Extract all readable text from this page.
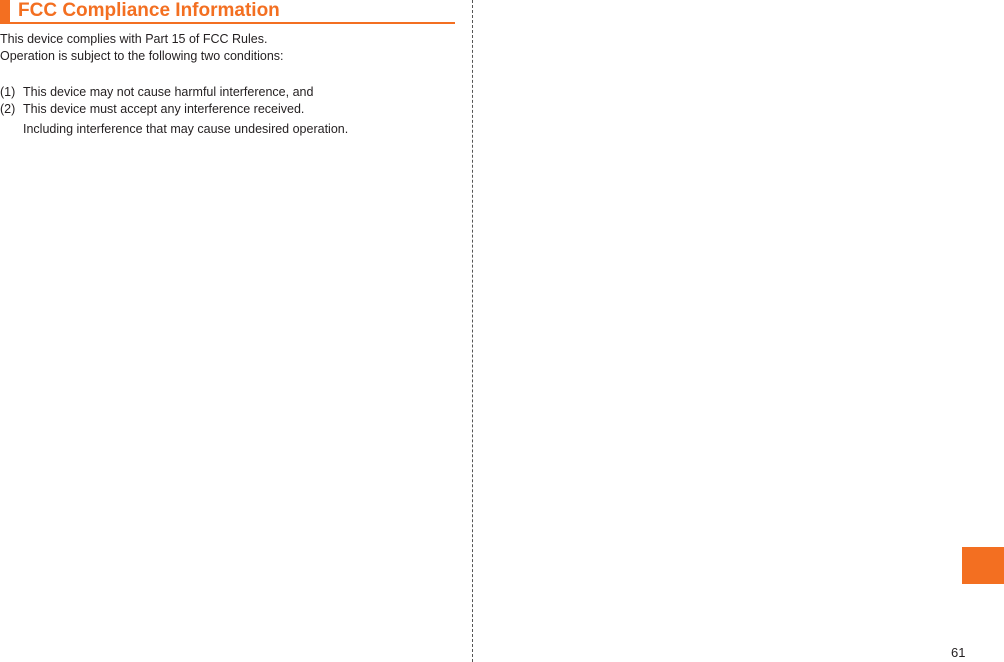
FCC Compliance Information
This device complies with Part 15 of FCC Rules.
Operation is subject to the following two conditions:
(1) This device may not cause harmful interference, and
(2) This device must accept any interference received.
Including interference that may cause undesired operation.
61
